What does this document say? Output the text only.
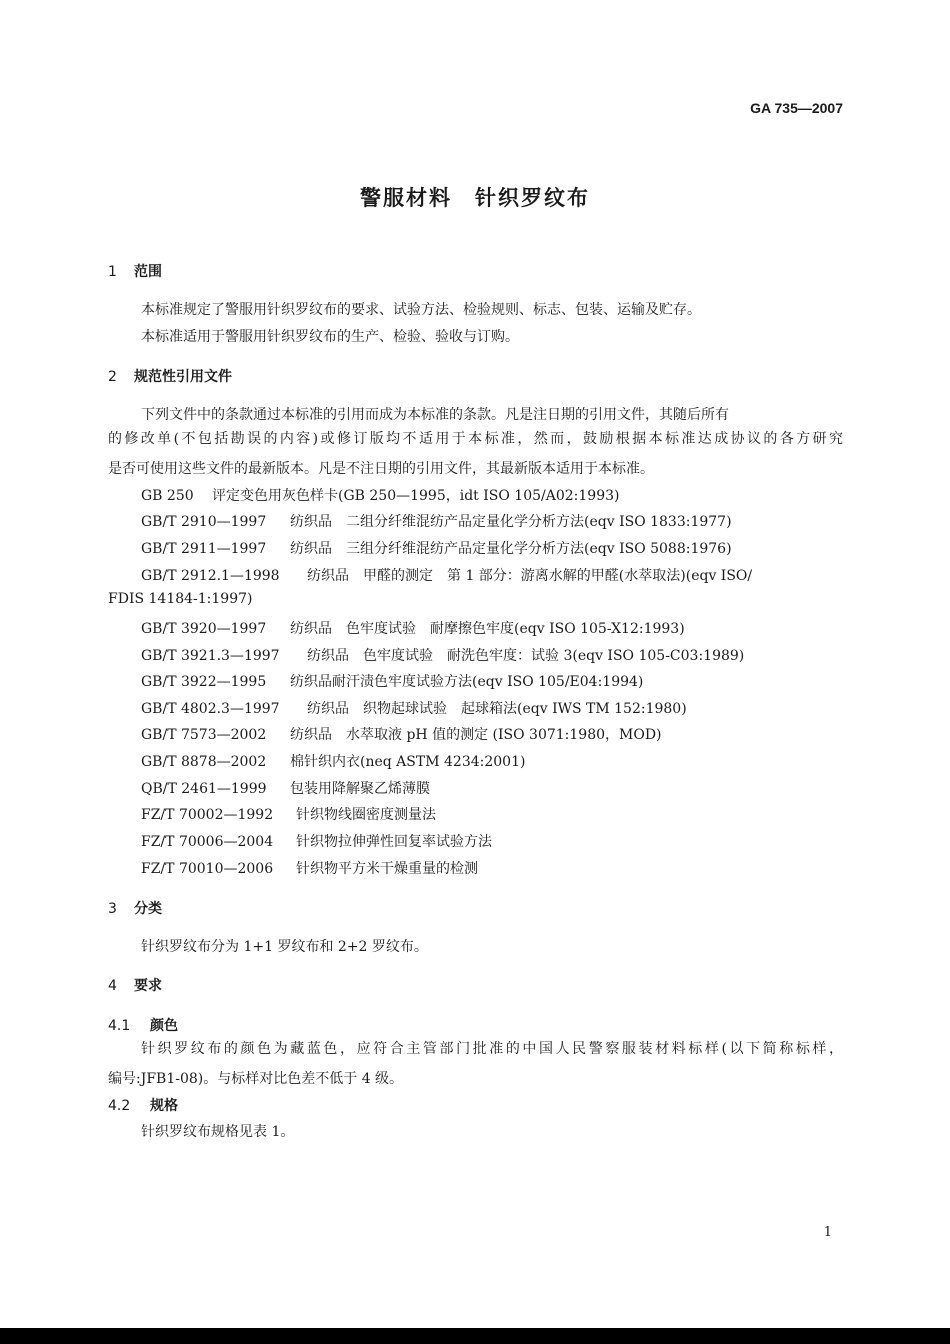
GA 735—2007
警服材料　针织罗纹布
1 范围
本标准规定了警服用针织罗纹布的要求、试验方法、检验规则、标志、包装、运输及贮存。
本标准适用于警服用针织罗纹布的生产、检验、验收与订购。
2 规范性引用文件
下列文件中的条款通过本标准的引用而成为本标准的条款。凡是注日期的引用文件，其随后所有
的修改单(不包括勘误的内容)或修订版均不适用于本标准，然而，鼓励根据本标准达成协议的各方研究
是否可使用这些文件的最新版本。凡是不注日期的引用文件，其最新版本适用于本标准。
GB 250 评定变色用灰色样卡(GB 250—1995，idt ISO 105/A02:1993)
GB/T 2910—1997 纺织品　二组分纤维混纺产品定量化学分析方法(eqv ISO 1833:1977)
GB/T 2911—1997 纺织品　三组分纤维混纺产品定量化学分析方法(eqv ISO 5088:1976)
GB/T 2912.1—1998 纺织品　甲醛的测定　第 1 部分：游离水解的甲醛(水萃取法)(eqv ISO/
FDIS 14184-1:1997)
GB/T 3920—1997 纺织品　色牢度试验　耐摩擦色牢度(eqv ISO 105-X12:1993)
GB/T 3921.3—1997 纺织品　色牢度试验　耐洗色牢度：试验 3(eqv ISO 105-C03:1989)
GB/T 3922—1995 纺织品耐汗渍色牢度试验方法(eqv ISO 105/E04:1994)
GB/T 4802.3—1997 纺织品　织物起球试验　起球箱法(eqv IWS TM 152:1980)
GB/T 7573—2002 纺织品　水萃取液 pH 值的测定 (ISO 3071:1980，MOD)
GB/T 8878—2002 棉针织内衣(neq ASTM 4234:2001)
QB/T 2461—1999 包装用降解聚乙烯薄膜
FZ/T 70002—1992 针织物线圈密度测量法
FZ/T 70006—2004 针织物拉伸弹性回复率试验方法
FZ/T 70010—2006 针织物平方米干燥重量的检测
3 分类
针织罗纹布分为 1+1 罗纹布和 2+2 罗纹布。
4 要求
4.1 颜色
针织罗纹布的颜色为藏蓝色，应符合主管部门批准的中国人民警察服装材料标样(以下简称标样，
编号:JFB1-08)。与标样对比色差不低于 4 级。
4.2 规格
针织罗纹布规格见表 1。
1
